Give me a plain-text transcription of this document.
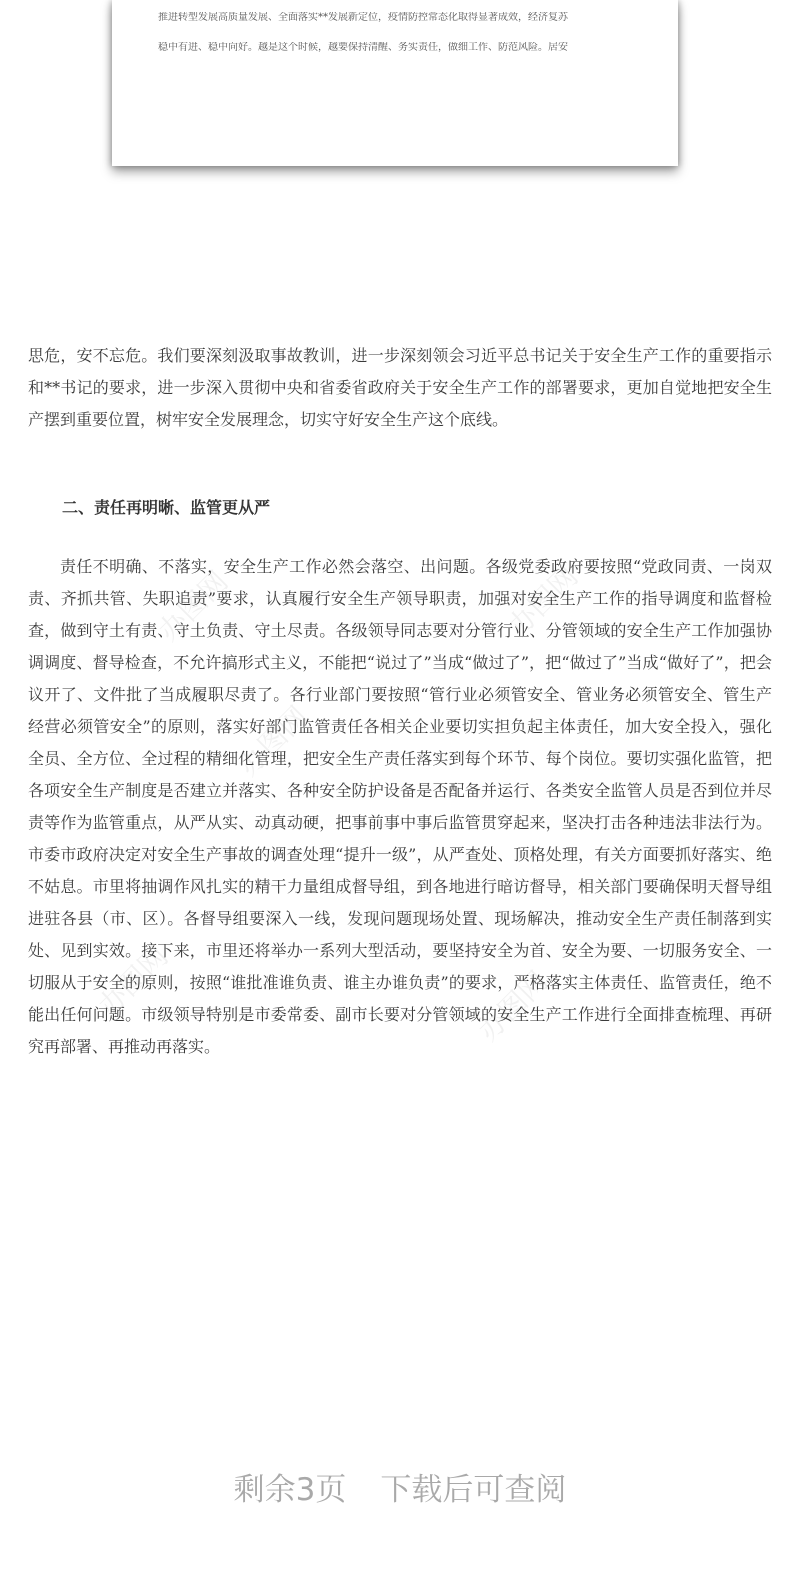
推进转型发展高质量发展、全面落实**发展新定位，疫情防控常态化取得显著成效，经济复苏
稳中有进、稳中向好。越是这个时候，越要保持清醒、务实责任，做细工作、防范风险。居安
办图网	办图网
办图网	办图网
办图网
思危，安不忘危。我们要深刻汲取事故教训，进一步深刻领会习近平总书记关于安全生产工作的重要指示和**书记的要求，进一步深入贯彻中央和省委省政府关于安全生产工作的部署要求，更加自觉地把安全生产摆到重要位置，树牢安全发展理念，切实守好安全生产这个底线。
二、责任再明晰、监管更从严
责任不明确、不落实，安全生产工作必然会落空、出问题。各级党委政府要按照“党政同责、一岗双责、齐抓共管、失职追责”要求，认真履行安全生产领导职责，加强对安全生产工作的指导调度和监督检查，做到守土有责、守土负责、守土尽责。各级领导同志要对分管行业、分管领域的安全生产工作加强协调调度、督导检查，不允许搞形式主义，不能把“说过了”当成“做过了”，把“做过了”当成“做好了”，把会议开了、文件批了当成履职尽责了。各行业部门要按照“管行业必须管安全、管业务必须管安全、管生产经营必须管安全”的原则，落实好部门监管责任各相关企业要切实担负起主体责任，加大安全投入，强化全员、全方位、全过程的精细化管理，把安全生产责任落实到每个环节、每个岗位。要切实强化监管，把各项安全生产制度是否建立并落实、各种安全防护设备是否配备并运行、各类安全监管人员是否到位并尽责等作为监管重点，从严从实、动真动硬，把事前事中事后监管贯穿起来，坚决打击各种违法非法行为。市委市政府决定对安全生产事故的调查处理“提升一级”，从严查处、顶格处理，有关方面要抓好落实、绝不姑息。市里将抽调作风扎实的精干力量组成督导组，到各地进行暗访督导，相关部门要确保明天督导组进驻各县（市、区）。各督导组要深入一线，发现问题现场处置、现场解决，推动安全生产责任制落到实处、见到实效。接下来，市里还将举办一系列大型活动，要坚持安全为首、安全为要、一切服务安全、一切服从于安全的原则，按照“谁批准谁负责、谁主办谁负责”的要求，严格落实主体责任、监管责任，绝不能出任何问题。市级领导特别是市委常委、副市长要对分管领域的安全生产工作进行全面排查梳理、再研究再部署、再推动再落实。
剩余3页 下载后可查阅
